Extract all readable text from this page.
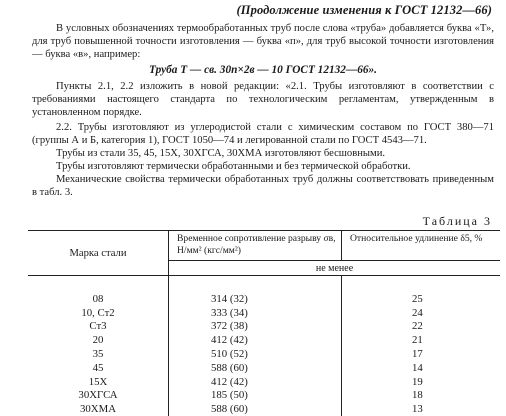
(Продолжение изменения к ГОСТ 12132—66)

В условных обозначениях термообработанных труб после слова «труба» добавляется буква «Т», для труб повышенной точности изготовления — буква «п», для труб высокой точности изготовления — буква «в», например:

Труба Т — св. 30п×2в — 10 ГОСТ 12132—66».

Пункты 2.1, 2.2 изложить в новой редакции: «2.1. Трубы изготовляют в соответствии с требованиями настоящего стандарта по технологическим регламентам, утвержденным в установленном порядке.

2.2. Трубы изготовляют из углеродистой стали с химическим составом по ГОСТ 380—71 (группы А и Б, категория 1), ГОСТ 1050—74 и легированной стали по ГОСТ 4543—71.

Трубы из стали 35, 45, 15Х, 30ХГСА, 30ХМА изготовляют бесшовными.

Трубы изготовляют термически обработанными и без термической обработки.

Механические свойства термически обработанных труб должны соответствовать приведенным в табл. 3.

Таблица 3
Марка стали	Временное сопротивление разрыву σв, Н/мм² (кгс/мм²)	Относительное удлинение δ5, %
	не менее	
08	314 (32)	25
10, Ст2	333 (34)	24
Ст3	372 (38)	22
20	412 (42)	21
35	510 (52)	17
45	588 (60)	14
15Х	412 (42)	19
30ХГСА	185 (50)	18
30ХМА	588 (60)	13
